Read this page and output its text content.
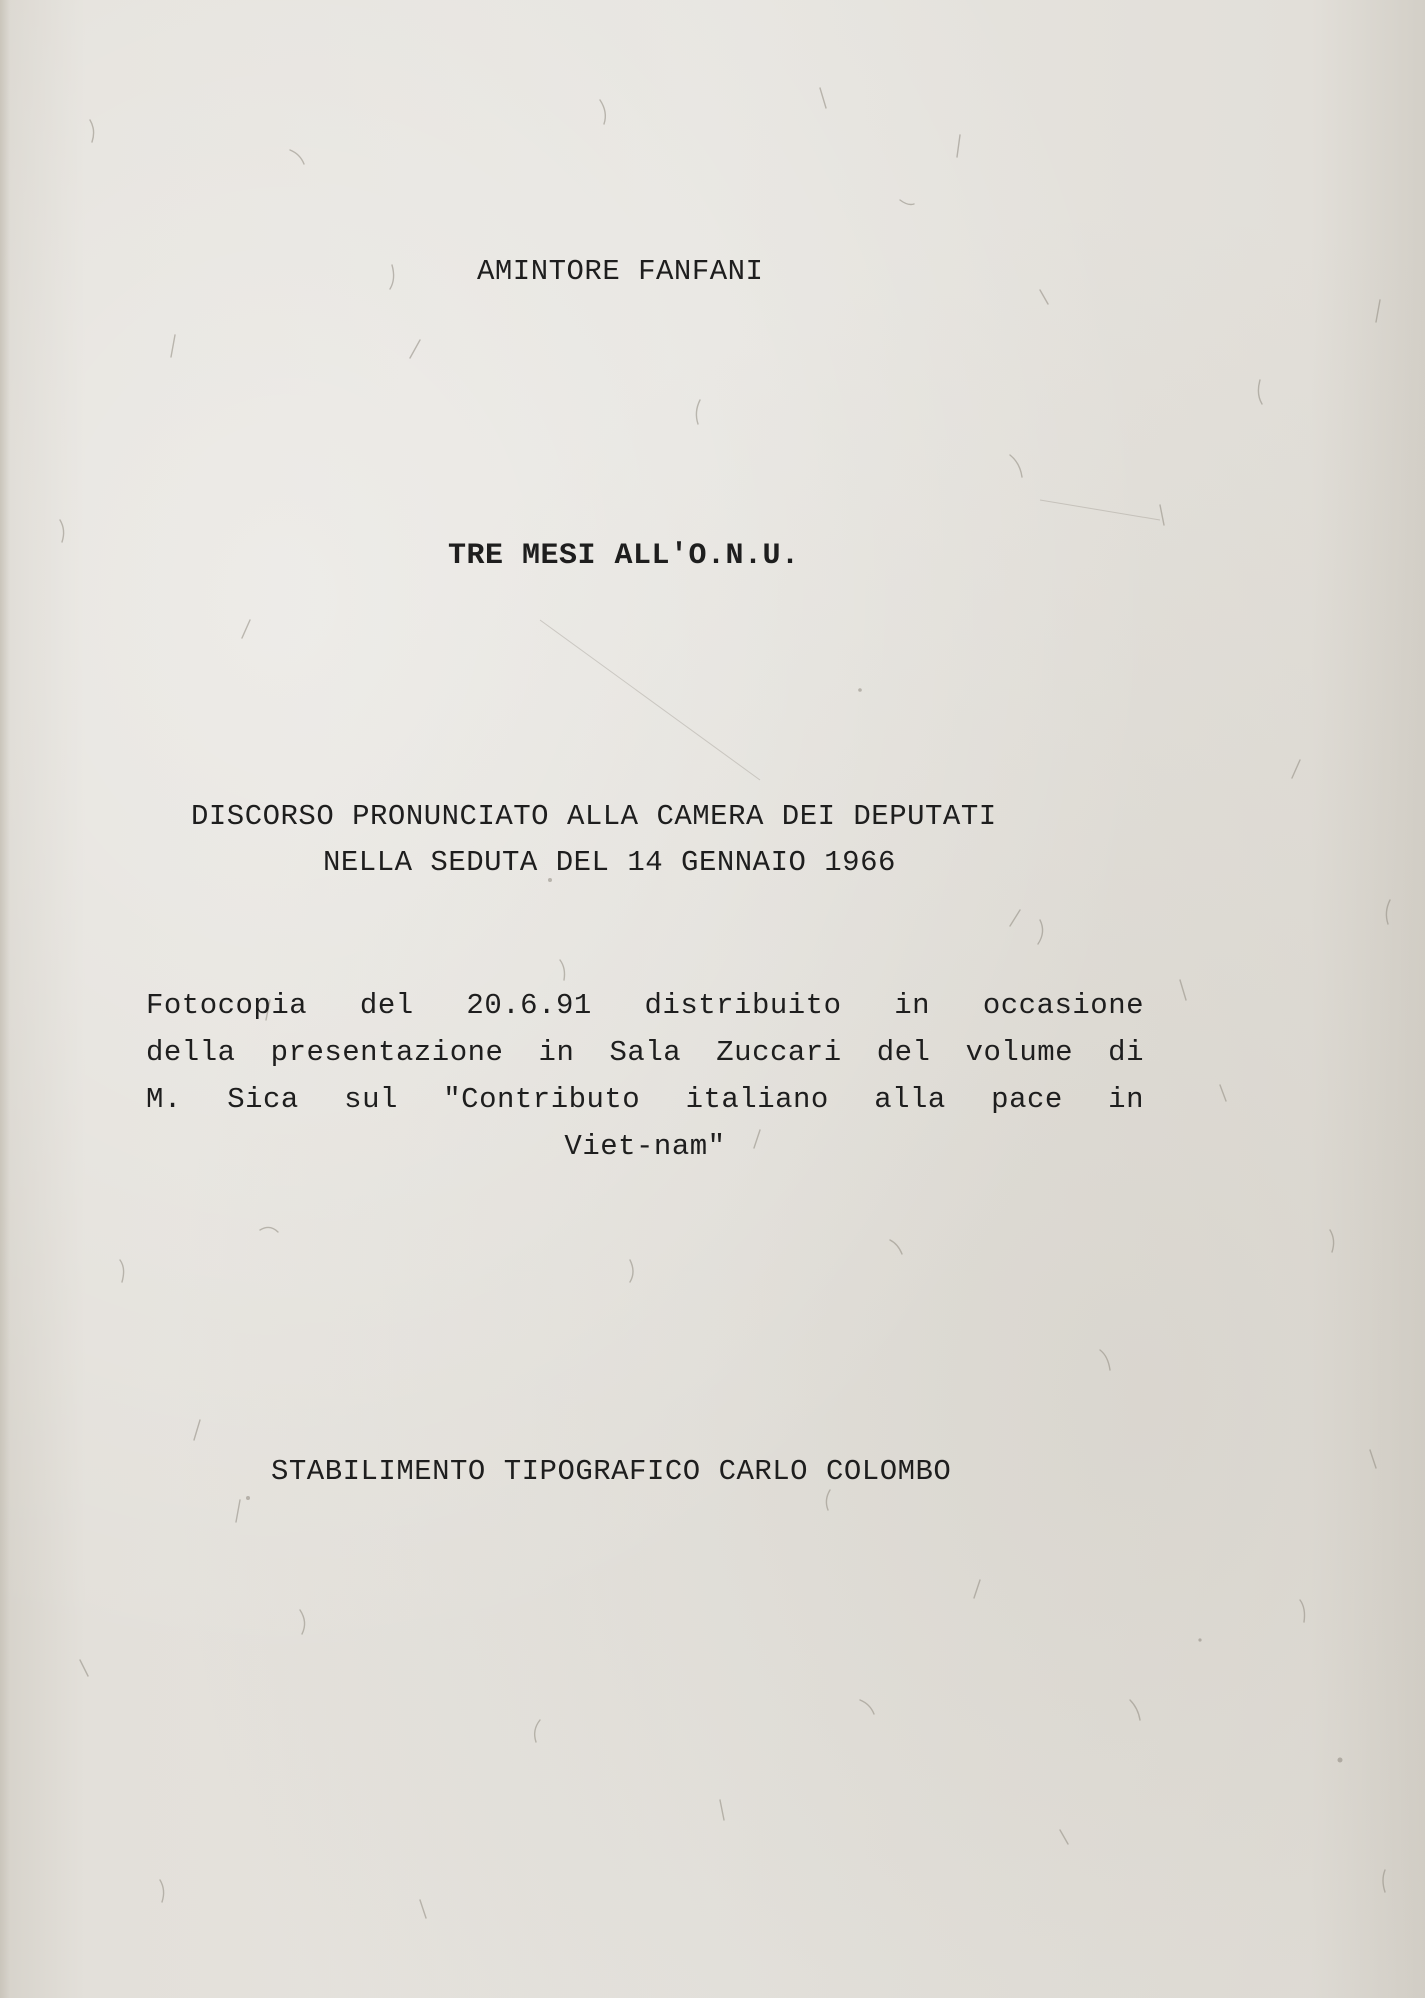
AMINTORE FANFANI
TRE MESI ALL'O.N.U.
DISCORSO PRONUNCIATO ALLA CAMERA DEI DEPUTATI
NELLA SEDUTA DEL 14 GENNAIO 1966
Fotocopia del 20.6.91 distribuito in occasione
della presentazione in Sala Zuccari del volume di
M. Sica sul "Contributo italiano alla pace in
Viet-nam"
STABILIMENTO TIPOGRAFICO CARLO COLOMBO
